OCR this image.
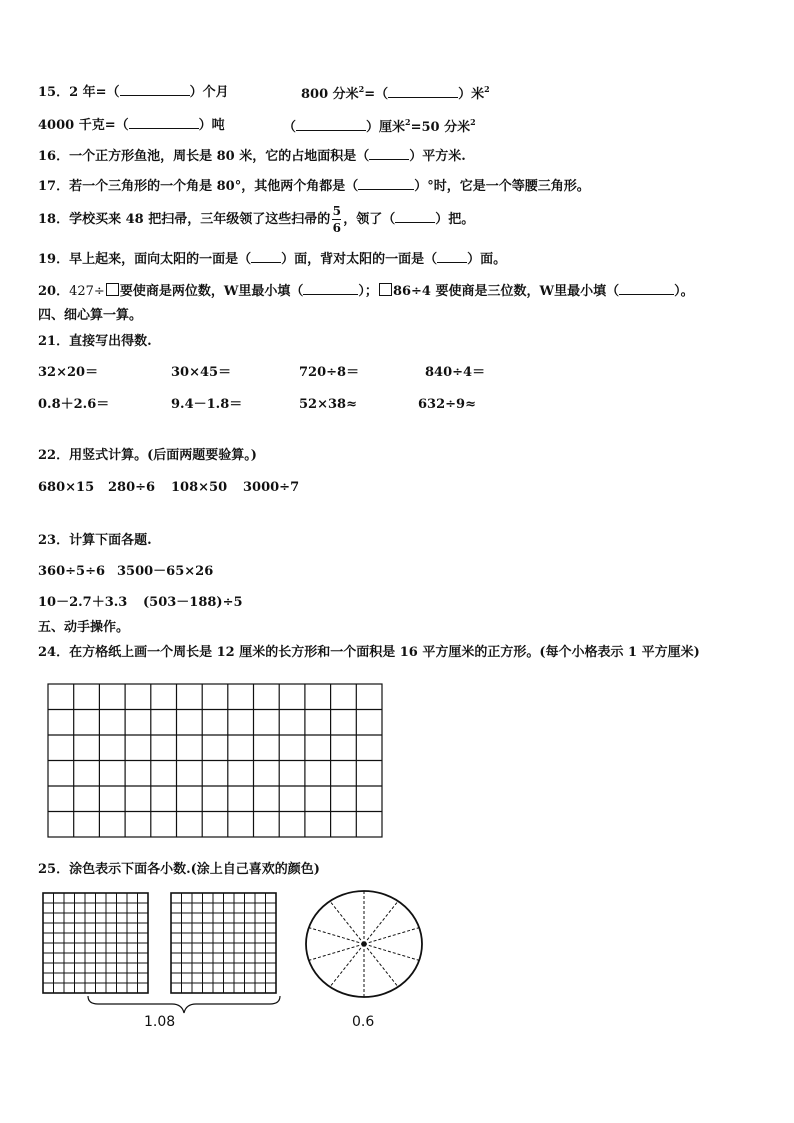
15．2 年=（	）个月	800 分米$^2$=（	）米$^2$
4000 千克=（	）吨	（	）厘米$^2$=50 分米$^2$
16．一个正方形鱼池，周长是 80 米，它的占地面积是（	）平方米.
17．若一个三角形的一个角是 80°，其他两个角都是（	）°时，它是一个等腰三角形。
18．学校买来 48 把扫帚，三年级领了这些扫帚的 $\frac{5}{6}$ ，领了（	）把。
19．早上起来，面向太阳的一面是（ ）面，背对太阳的一面是（ ）面。
20．427÷ 要使商是两位数，W里最小填（	）； 86÷4 要使商是三位数，W里最小填（	）。
四、细心算一算。
21．直接写出得数.
32×20＝	30×45＝	720÷8＝	840÷4＝
0.8＋2.6＝	9.4－1.8＝	52×38≈	632÷9≈
22．用竖式计算。(后面两题要验算。)
680×15 280÷6 108×50 3000÷7
23．计算下面各题.
360÷5÷6 3500－65×26
10－2.7＋3.3 (503－188)÷5
五、动手操作。
24．在方格纸上画一个周长是 12 厘米的长方形和一个面积是 16 平方厘米的正方形。(每个小格表示 1 平方厘米)
25．涂色表示下面各小数.(涂上自己喜欢的颜色)
1.08	0.6
